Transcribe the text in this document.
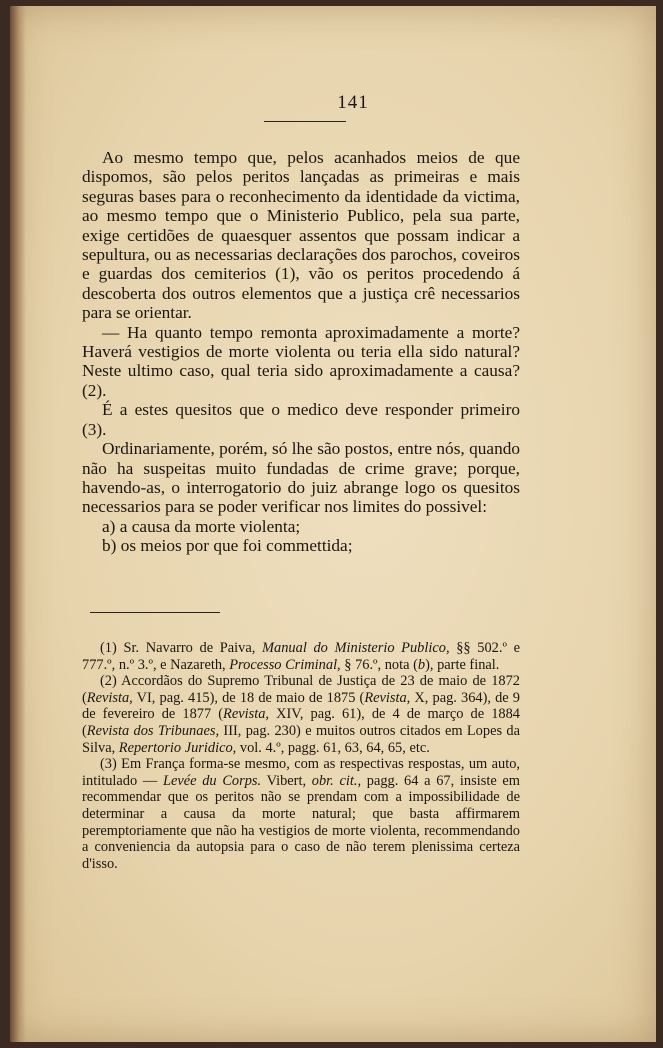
141

Ao mesmo tempo que, pelos acanhados meios de que dispomos, são pelos peritos lançadas as primeiras e mais seguras bases para o reconhecimento da identidade da victima, ao mesmo tempo que o Ministerio Publico, pela sua parte, exige certidões de quaesquer assentos que possam indicar a sepultura, ou as necessarias declarações dos parochos, coveiros e guardas dos cemiterios (1), vão os peritos procedendo á descoberta dos outros elementos que a justiça crê necessarios para se orientar.

— Ha quanto tempo remonta aproximadamente a morte? Haverá vestigios de morte violenta ou teria ella sido natural? Neste ultimo caso, qual teria sido aproximadamente a causa? (2).

É a estes quesitos que o medico deve responder primeiro (3).

Ordinariamente, porém, só lhe são postos, entre nós, quando não ha suspeitas muito fundadas de crime grave; porque, havendo-as, o interrogatorio do juiz abrange logo os quesitos necessarios para se poder verificar nos limites do possivel:

a) a causa da morte violenta;

b) os meios por que foi commettida;

(1) Sr. Navarro de Paiva, Manual do Ministerio Publico, §§ 502.º e 777.º, n.º 3.º, e Nazareth, Processo Criminal, § 76.º, nota (b), parte final.

(2) Accordãos do Supremo Tribunal de Justiça de 23 de maio de 1872 (Revista, VI, pag. 415), de 18 de maio de 1875 (Revista, X, pag. 364), de 9 de fevereiro de 1877 (Revista, XIV, pag. 61), de 4 de março de 1884 (Revista dos Tribunaes, III, pag. 230) e muitos outros citados em Lopes da Silva, Repertorio Juridico, vol. 4.º, pagg. 61, 63, 64, 65, etc.

(3) Em França forma-se mesmo, com as respectivas respostas, um auto, intitulado — Levée du Corps. Vibert, obr. cit., pagg. 64 a 67, insiste em recommendar que os peritos não se prendam com a impossibilidade de determinar a causa da morte natural; que basta affirmarem peremptoriamente que não ha vestigios de morte violenta, recommendando a conveniencia da autopsia para o caso de não terem plenissima certeza d'isso.
